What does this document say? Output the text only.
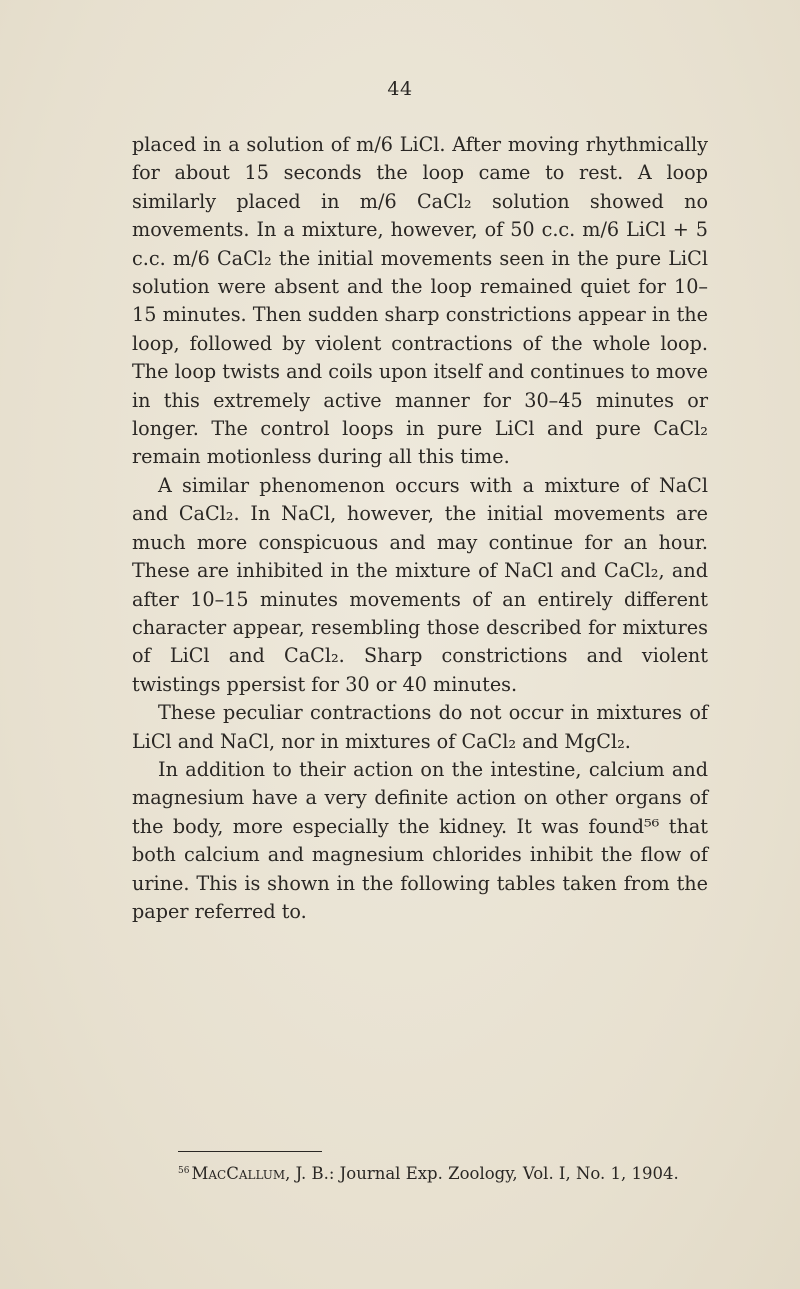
44

placed in a solution of m/6 LiCl. After moving rhythmically for about 15 seconds the loop came to rest. A loop similarly placed in m/6 CaCl₂ solution showed no movements. In a mixture, however, of 50 c.c. m/6 LiCl + 5 c.c. m/6 CaCl₂ the initial movements seen in the pure LiCl solution were absent and the loop remained quiet for 10–15 minutes. Then sudden sharp constrictions appear in the loop, followed by violent contractions of the whole loop. The loop twists and coils upon itself and continues to move in this extremely active manner for 30–45 minutes or longer. The control loops in pure LiCl and pure CaCl₂ remain motionless during all this time.

A similar phenomenon occurs with a mixture of NaCl and CaCl₂. In NaCl, however, the initial movements are much more conspicuous and may continue for an hour. These are inhibited in the mixture of NaCl and CaCl₂, and after 10–15 minutes movements of an entirely different character appear, resembling those described for mixtures of LiCl and CaCl₂. Sharp constrictions and violent twistings ppersist for 30 or 40 minutes.

These peculiar contractions do not occur in mixtures of LiCl and NaCl, nor in mixtures of CaCl₂ and MgCl₂.

In addition to their action on the intestine, calcium and magnesium have a very definite action on other organs of the body, more especially the kidney. It was found⁵⁶ that both calcium and magnesium chlorides inhibit the flow of urine. This is shown in the following tables taken from the paper referred to.

$^{56}$ MacCallum, J. B.: Journal Exp. Zoology, Vol. I, No. 1, 1904.
